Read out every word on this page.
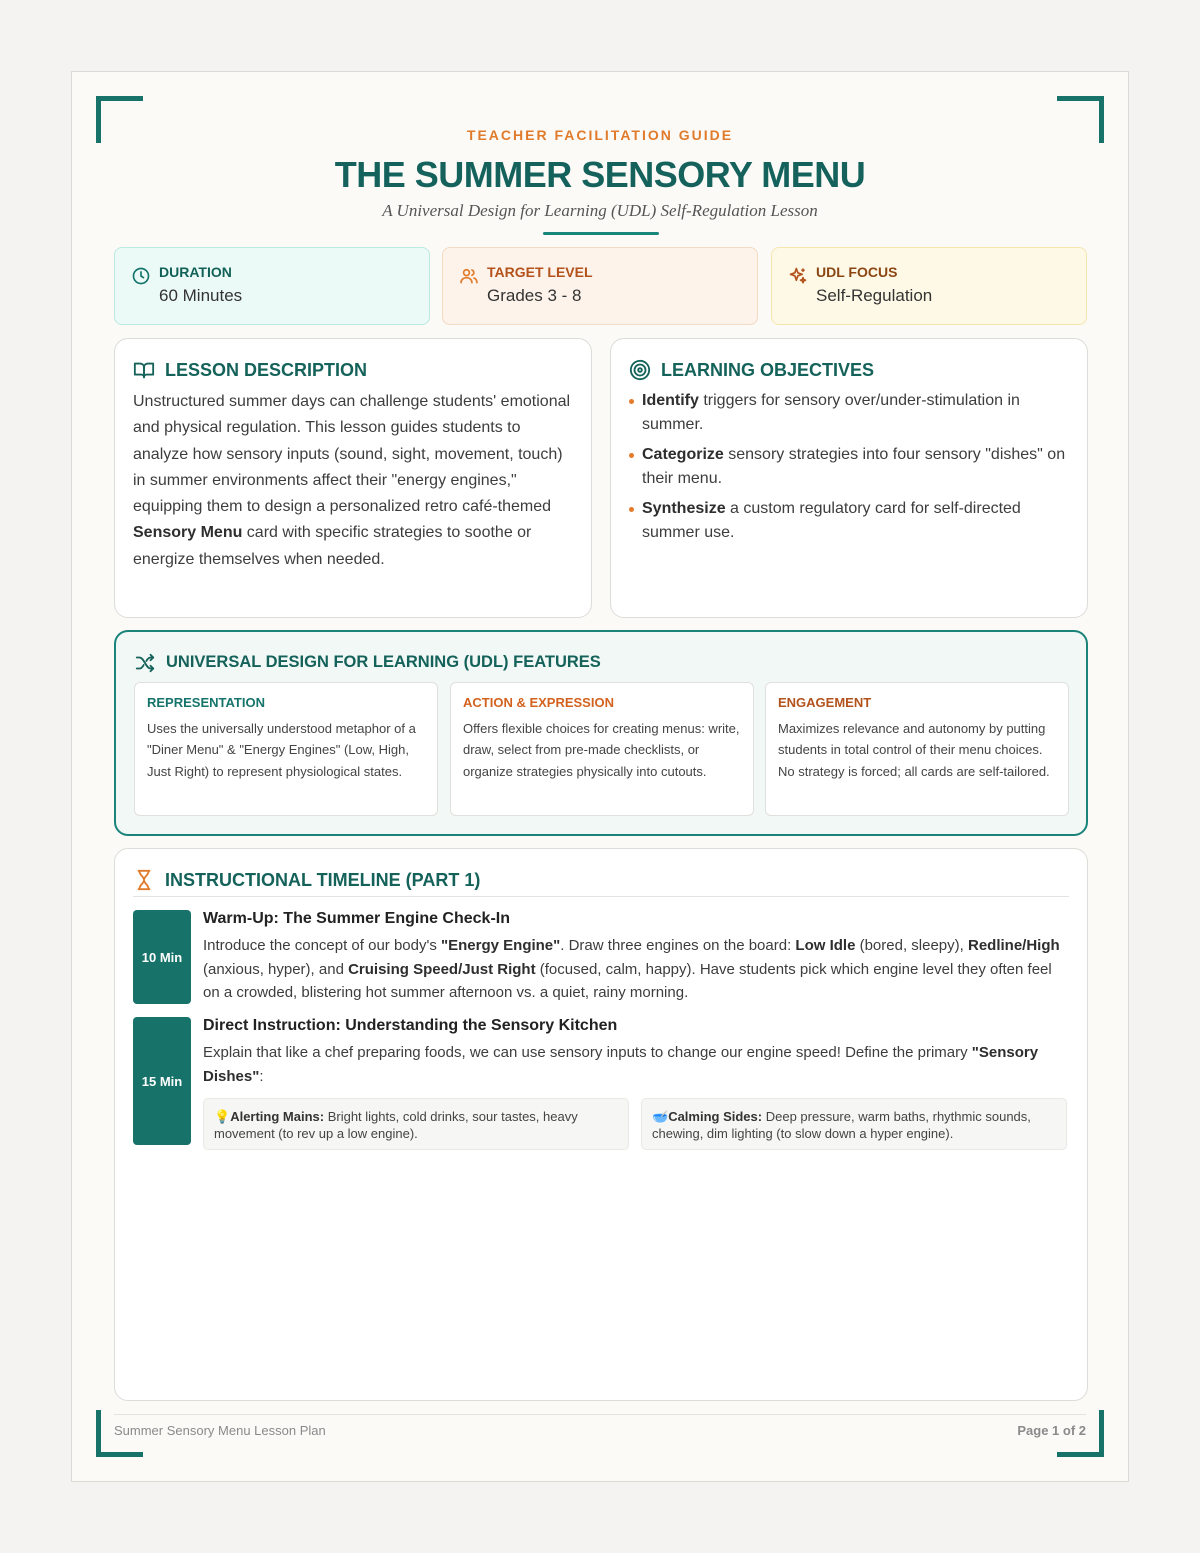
TEACHER FACILITATION GUIDE
THE SUMMER SENSORY MENU
A Universal Design for Learning (UDL) Self-Regulation Lesson
DURATION
60 Minutes
TARGET LEVEL
Grades 3 - 8
UDL FOCUS
Self-Regulation
LESSON DESCRIPTION

Unstructured summer days can challenge students' emotional and physical regulation. This lesson guides students to analyze how sensory inputs (sound, sight, movement, touch) in summer environments affect their "energy engines," equipping them to design a personalized retro café-themed Sensory Menu card with specific strategies to soothe or energize themselves when needed.

LEARNING OBJECTIVES
Identify triggers for sensory over/under-stimulation in summer.
Categorize sensory strategies into four sensory "dishes" on their menu.
Synthesize a custom regulatory card for self-directed summer use.
UNIVERSAL DESIGN FOR LEARNING (UDL) FEATURES
REPRESENTATION
Uses the universally understood metaphor of a "Diner Menu" & "Energy Engines" (Low, High, Just Right) to represent physiological states.
ACTION & EXPRESSION
Offers flexible choices for creating menus: write, draw, select from pre-made checklists, or organize strategies physically into cutouts.
ENGAGEMENT
Maximizes relevance and autonomy by putting students in total control of their menu choices. No strategy is forced; all cards are self-tailored.
INSTRUCTIONAL TIMELINE (PART 1)
10 Min
Warm-Up: The Summer Engine Check-In

Introduce the concept of our body's "Energy Engine". Draw three engines on the board: Low Idle (bored, sleepy), Redline/High (anxious, hyper), and Cruising Speed/Just Right (focused, calm, happy). Have students pick which engine level they often feel on a crowded, blistering hot summer afternoon vs. a quiet, rainy morning.

15 Min
Direct Instruction: Understanding the Sensory Kitchen

Explain that like a chef preparing foods, we can use sensory inputs to change our engine speed! Define the primary "Sensory Dishes":

💡Alerting Mains: Bright lights, cold drinks, sour tastes, heavy movement (to rev up a low engine).
🥣Calming Sides: Deep pressure, warm baths, rhythmic sounds, chewing, dim lighting (to slow down a hyper engine).
Summer Sensory Menu Lesson Plan	Page 1 of 2
